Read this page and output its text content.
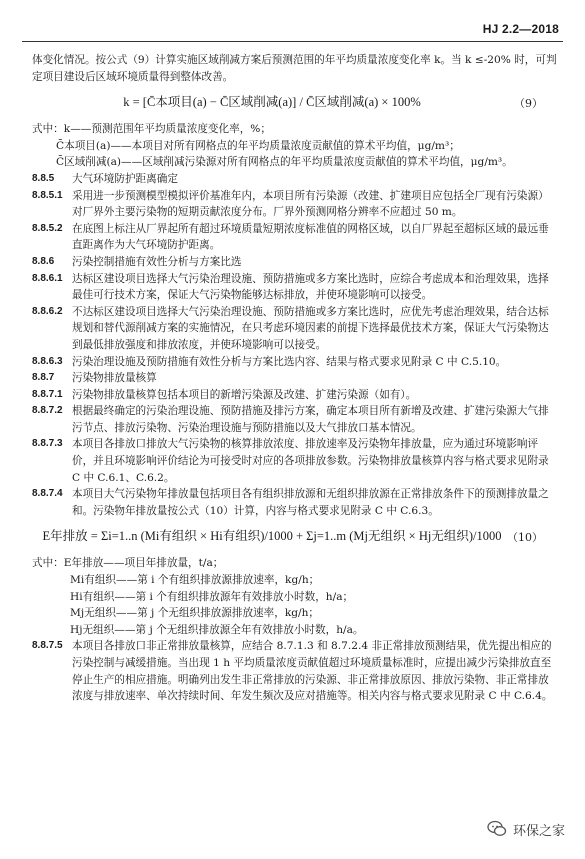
HJ 2.2—2018

体变化情况。按公式（9）计算实施区域削减方案后预测范围的年平均质量浓度变化率 k。当 k ≤-20% 时，可判定项目建设后区域环境质量得到整体改善。

k = [C̄本项目(a) − C̄区域削减(a)] / C̄区域削减(a) × 100%	（9）

式中：k——预测范围年平均质量浓度变化率，%；

C̄本项目(a)——本项目对所有网格点的年平均质量浓度贡献值的算术平均值，μg/m³；

C̄区域削减(a)——区域削减污染源对所有网格点的年平均质量浓度贡献值的算术平均值，μg/m³。

8.8.5	大气环境防护距离确定
8.8.5.1 采用进一步预测模型模拟评价基准年内，本项目所有污染源（改建、扩建项目应包括全厂现有污染源）对厂界外主要污染物的短期贡献浓度分布。厂界外预测网格分辨率不应超过 50 m。
8.8.5.2 在底图上标注从厂界起所有超过环境质量短期浓度标准值的网格区域，以自厂界起至超标区域的最远垂直距离作为大气环境防护距离。
8.8.6	污染控制措施有效性分析与方案比选
8.8.6.1 达标区建设项目选择大气污染治理设施、预防措施或多方案比选时，应综合考虑成本和治理效果，选择最佳可行技术方案，保证大气污染物能够达标排放，并使环境影响可以接受。
8.8.6.2 不达标区建设项目选择大气污染治理设施、预防措施或多方案比选时，应优先考虑治理效果，结合达标规划和替代源削减方案的实施情况，在只考虑环境因素的前提下选择最优技术方案，保证大气污染物达到最低排放强度和排放浓度，并使环境影响可以接受。
8.8.6.3 污染治理设施及预防措施有效性分析与方案比选内容、结果与格式要求见附录 C 中 C.5.10。
8.8.7	污染物排放量核算
8.8.7.1 污染物排放量核算包括本项目的新增污染源及改建、扩建污染源（如有）。
8.8.7.2 根据最终确定的污染治理设施、预防措施及排污方案，确定本项目所有新增及改建、扩建污染源大气排污节点、排放污染物、污染治理设施与预防措施以及大气排放口基本情况。
8.8.7.3 本项目各排放口排放大气污染物的核算排放浓度、排放速率及污染物年排放量，应为通过环境影响评价，并且环境影响评价结论为可接受时对应的各项排放参数。污染物排放量核算内容与格式要求见附录 C 中 C.6.1、C.6.2。
8.8.7.4 本项目大气污染物年排放量包括项目各有组织排放源和无组织排放源在正常排放条件下的预测排放量之和。污染物年排放量按公式（10）计算，内容与格式要求见附录 C 中 C.6.3。
E年排放 = Σi=1..n (Mi有组织 × Hi有组织)/1000 + Σj=1..m (Mj无组织 × Hj无组织)/1000 （10）

式中：E年排放——项目年排放量，t/a；

Mi有组织——第 i 个有组织排放源排放速率，kg/h；

Hi有组织——第 i 个有组织排放源年有效排放小时数，h/a；

Mj无组织——第 j 个无组织排放源排放速率，kg/h；

Hj无组织——第 j 个无组织排放源全年有效排放小时数，h/a。

8.8.7.5 本项目各排放口非正常排放量核算，应结合 8.7.1.3 和 8.7.2.4 非正常排放预测结果，优先提出相应的污染控制与减缓措施。当出现 1 h 平均质量浓度贡献值超过环境质量标准时，应提出减少污染排放直至停止生产的相应措施。明确列出发生非正常排放的污染源、非正常排放原因、排放污染物、非正常排放浓度与排放速率、单次持续时间、年发生频次及应对措施等。相关内容与格式要求见附录 C 中 C.6.4。
环保之家
